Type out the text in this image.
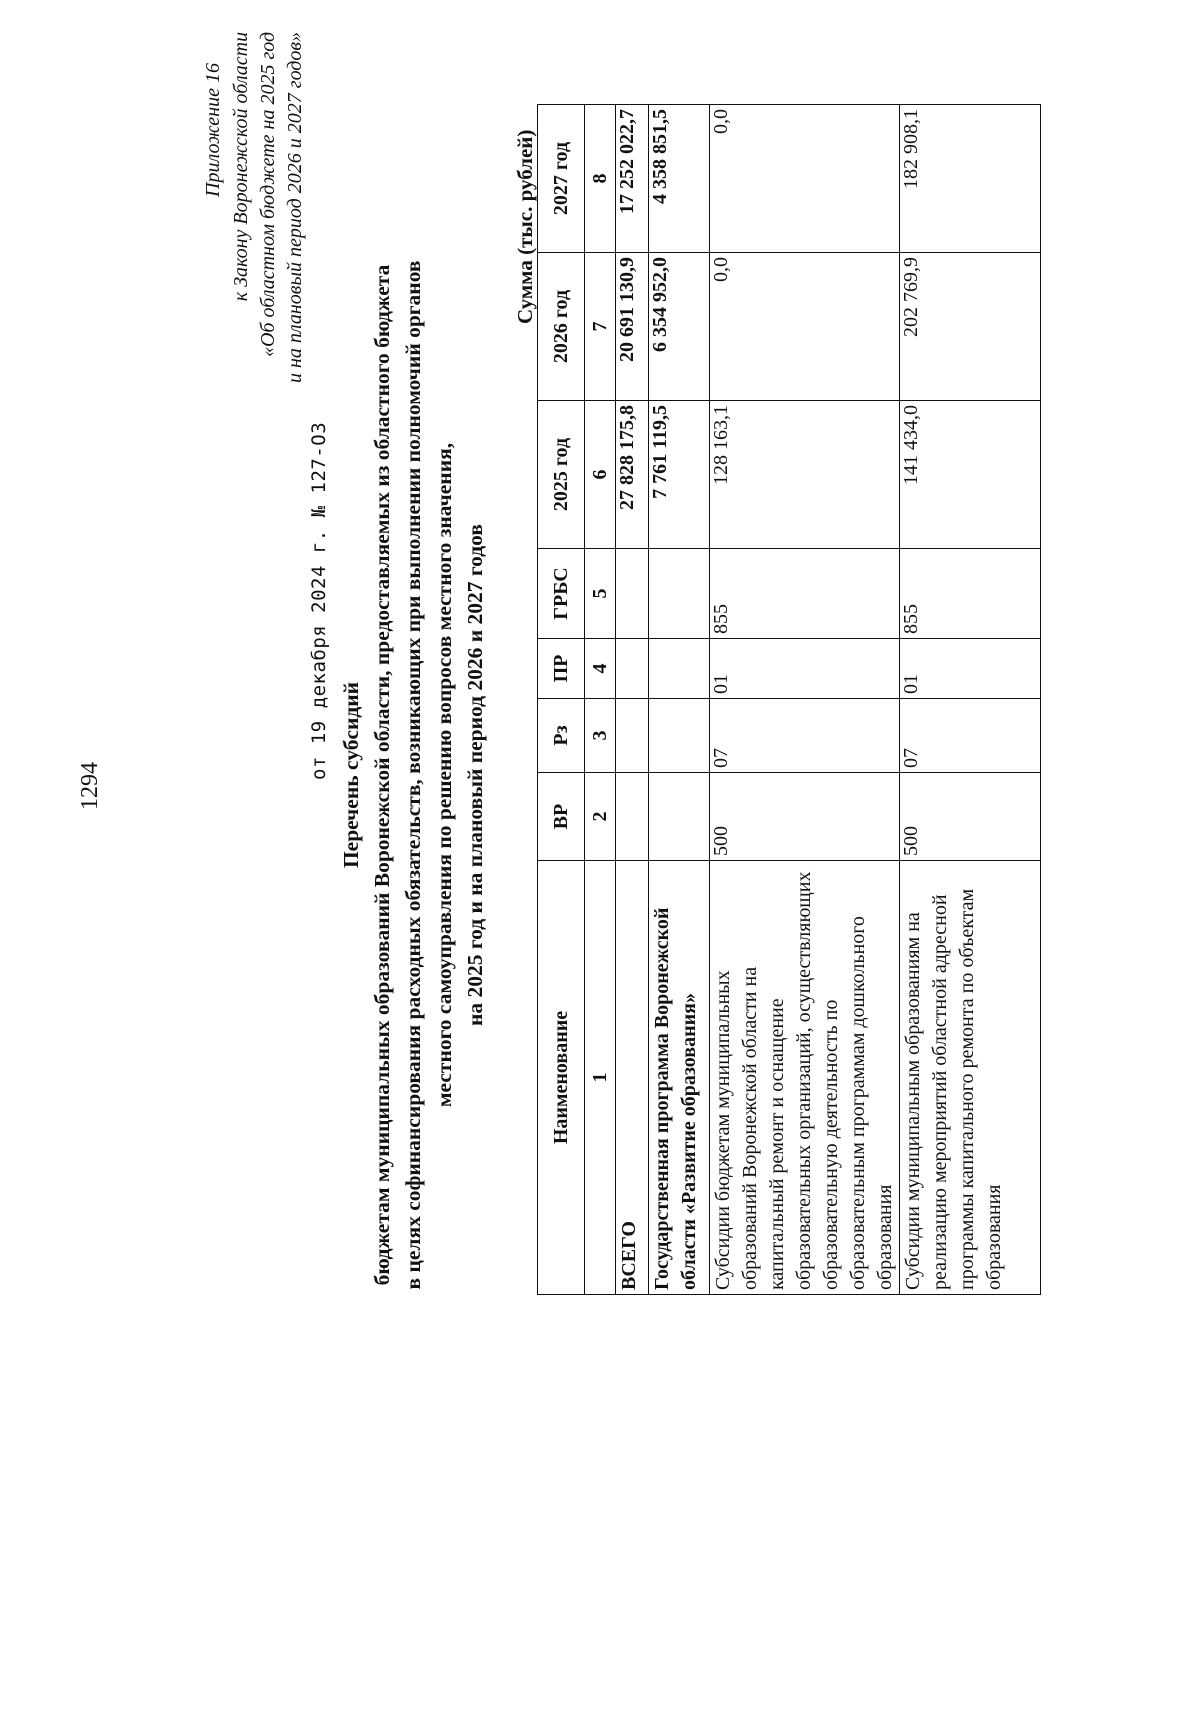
1294
Приложение 16 к Закону Воронежской области «Об областном бюджете на 2025 год и на плановый период 2026 и 2027 годов»
от 19 декабря 2024 г. № 127-ОЗ Перечень субсидий бюджетам муниципальных образований Воронежской области, предоставляемых из областного бюджета в целях софинансирования расходных обязательств, возникающих при выполнении полномочий органов местного самоуправления по решению вопросов местного значения, на 2025 год и на плановый период 2026 и 2027 годов
Сумма (тыс. рублей)
Наименование	ВР	Рз	ПР	ГРБС	2025 год	2026 год	2027 год
1	2	3	4	5	6	7	8
ВСЕГО					27 828 175,8	20 691 130,9	17 252 022,7
Государственная программа Воронежской области «Развитие образования»					7 761 119,5	6 354 952,0	4 358 851,5
Субсидии бюджетам муниципальных образований Воронежской области на капитальный ремонт и оснащение образовательных организаций, осуществляющих образовательную деятельность по образовательным программам дошкольного образования	500	07	01	855	128 163,1	0,0	0,0
Субсидии муниципальным образованиям на реализацию мероприятий областной адресной программы капитального ремонта по объектам образования	500	07	01	855	141 434,0	202 769,9	182 908,1
